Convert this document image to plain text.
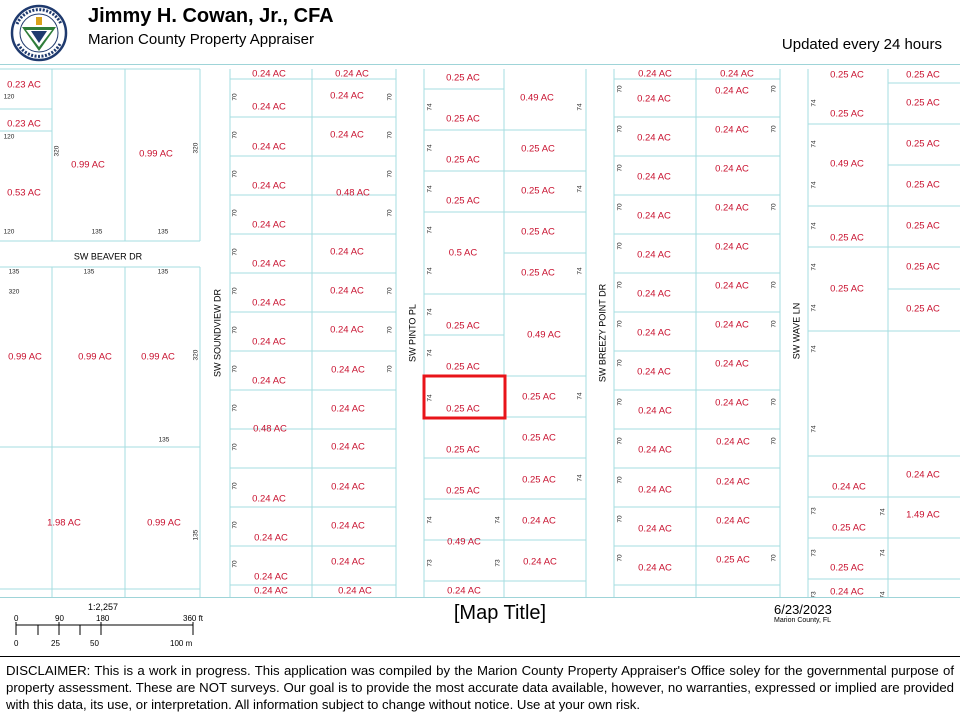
Jimmy H. Cowan, Jr., CFA
Marion County Property Appraiser	Updated every 24 hours
SW BEAVER DR
SW SOUNDVIEW DR	SW PINTO PL	SW BREEZY POINT DR	SW WAVE LN
0.23 AC
0.23 AC
0.53 AC
0.99 AC
0.99 AC
0.99 AC	0.99 AC	0.99 AC
1.98 AC	0.99 AC
0.24 AC
0.24 AC
0.24 AC
0.24 AC
0.24 AC
0.24 AC
0.24 AC
0.24 AC
0.24 AC
0.24 AC
0.48 AC
0.24 AC
0.24 AC
0.24 AC
0.24 AC
0.24 AC
0.24 AC
0.24 AC
0.24 AC
0.24 AC
0.48 AC
0.24 AC
0.24 AC
0.24 AC
0.24 AC
0.24 AC
0.24 AC
0.24 AC
0.25 AC
0.25 AC
0.25 AC
0.25 AC
0.5 AC
0.25 AC
0.25 AC
0.25 AC
0.25 AC
0.25 AC
0.49 AC
0.24 AC
0.49 AC
0.25 AC
0.25 AC
0.25 AC
0.49 AC
0.25 AC
0.25 AC
0.25 AC
0.25 AC
0.24 AC
0.24 AC
0.24 AC
0.24 AC
0.24 AC
0.24 AC
0.24 AC
0.24 AC
0.24 AC
0.24 AC
0.24 AC
0.24 AC
0.24 AC
0.24 AC
0.24 AC
0.24 AC
0.24 AC
0.24 AC
0.24 AC
0.24 AC
0.24 AC
0.24 AC
0.24 AC
0.24 AC
0.24 AC
0.24 AC
0.24 AC
0.24 AC
0.25 AC
0.25 AC
0.49 AC
0.25 AC
0.25 AC
0.25 AC
0.25 AC
0.24 AC
0.24 AC
0.25 AC
0.25 AC
0.25 AC
0.25 AC
0.25 AC
0.25 AC
0.25 AC
0.25 AC
0.24 AC
0.24 AC
1.49 AC
120
120
120
320
135	135
320
135	135	135
135
320
135
320
70
70
70
70
70
70
70
70
70
70
70
70
70
70
70
70
70
70
70
70
74
74
74
74
74
74
74
74
74
73
74
74
74
74
74
74
73
70
70
70
70
70
70
70
70
70
70
70
70
70
70
70
70
70
70
70
70	70
74
74
74
74
74
74
74
74
73
73
74
74
74
73
1:2,257
0	90	180	360 ft
0	25	50	100 m
[Map Title]	6/23/2023
Marion County, FL
DISCLAIMER: This is a work in progress. This application was compiled by the Marion County Property Appraiser's Office soley for the governmental purpose of property assessment. These are NOT surveys. Our goal is to provide the most accurate data available, however, no warranties, expressed or implied are provided with this data, its use, or interpretation. All information subject to change without notice. Use at your own risk.
